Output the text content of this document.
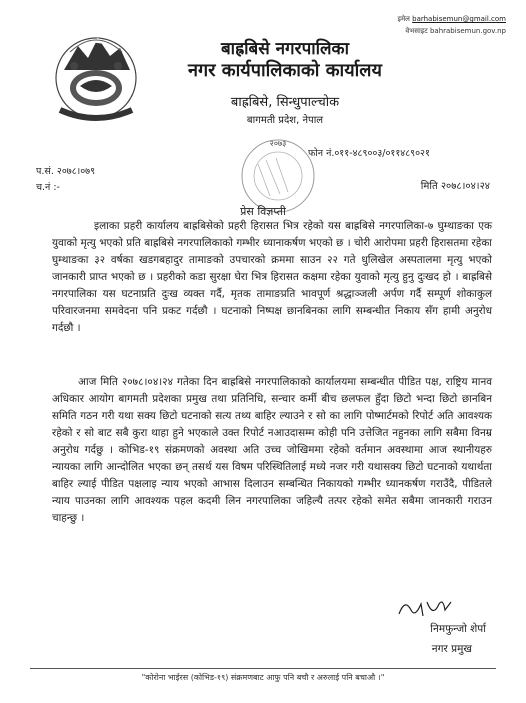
इमेल barhabisemun@gmail.com
वेभसाइट bahrabisemun.gov.np
बाह्रबिसे नगरपालिका
नगर कार्यपालिकाको कार्यालय
बाह्रबिसे, सिन्धुपाल्चोक
बागमती प्रदेश, नेपाल
२०७३
फोन नं.०११-४८९००३/०११४८९०२१
प.सं. २०७८।०७९
च.नं :-	मिति २०७८।०४।२४
प्रेस विज्ञप्ती
इलाका प्रहरी कार्यालय बाह्रबिसेको प्रहरी हिरासत भित्र रहेको यस बाह्रबिसे नगरपालिका-७ घुम्थाङका एक युवाको मृत्यु भएको प्रति बाह्रबिसे नगरपालिकाको गम्भीर ध्यानाकर्षण भएको छ । चोरी आरोपमा प्रहरी हिरासतमा रहेका घुम्थाङका ३२ वर्षका खडगबहादुर तामाङको उपचारको क्रममा साउन २२ गते धुलिखेल अस्पतालमा मृत्यु भएको जानकारी प्राप्त भएको छ । प्रहरीको कडा सुरक्षा घेरा भित्र हिरासत कक्षमा रहेका युवाको मृत्यु हुनु दुःखद हो । बाह्रबिसे नगरपालिका यस घटनाप्रति दुःख व्यक्त गर्दै, मृतक तामाङप्रति भावपूर्ण श्रद्धाञ्जली अर्पण गर्दै सम्पूर्ण शोकाकुल परिवारजनमा समवेदना पनि प्रकट गर्दछौ । घटनाको निष्पक्ष छानबिनका लागि सम्बन्धीत निकाय सँग हामी अनुरोध गर्दछौ ।
आज मिति २०७८।०४।२४ गतेका दिन बाह्रबिसे नगरपालिकाको कार्यालयमा सम्बन्धीत पीडित पक्ष, राष्ट्रिय मानव अधिकार आयोग बागमती प्रदेशका प्रमुख तथा प्रतिनिधि, सन्चार कर्मी बीच छलफल हुँदा छिटो भन्दा छिटो छानबिन समिति गठन गरी यथा सक्य छिटो घटनाको सत्य तथ्य बाहिर ल्याउने र सो का लागि पोष्मार्टमको रिपोर्ट अति आवश्यक रहेको र सो बाट सबै कुरा थाहा हुने भएकाले उक्त रिपोर्ट नआउदासम्म कोही पनि उत्तेजित नहुनका लागि सबैमा विनम्र अनुरोध गर्दछु । कोभिड-१९ संक्रमणको अवस्था अति उच्च जोखिममा रहेको वर्तमान अवस्थामा आज स्थानीयहरु न्यायका लागि आन्दोलित भएका छन् तसर्थ यस विषम परिस्थितिलाई मध्ये नजर गरी यथासक्य छिटो घटनाको यथार्थता बाहिर ल्याई पीडित पक्षलाइ न्याय भएको आभास दिलाउन सम्बन्धित निकायको गम्भीर ध्यानकर्षण गराउँदै, पीडितले न्याय पाउनका लागि आवश्यक पहल कदमी लिन नगरपालिका जहिल्यै तत्पर रहेको समेत सबैमा जानकारी गराउन चाहन्छु ।
निमफुन्जो शेर्पा
नगर प्रमुख
"कोरोना भाईरस (कोभिड-१९) संक्रमणबाट आफु पनि बचौ र अरुलाई पनि बचाऔ ।"
